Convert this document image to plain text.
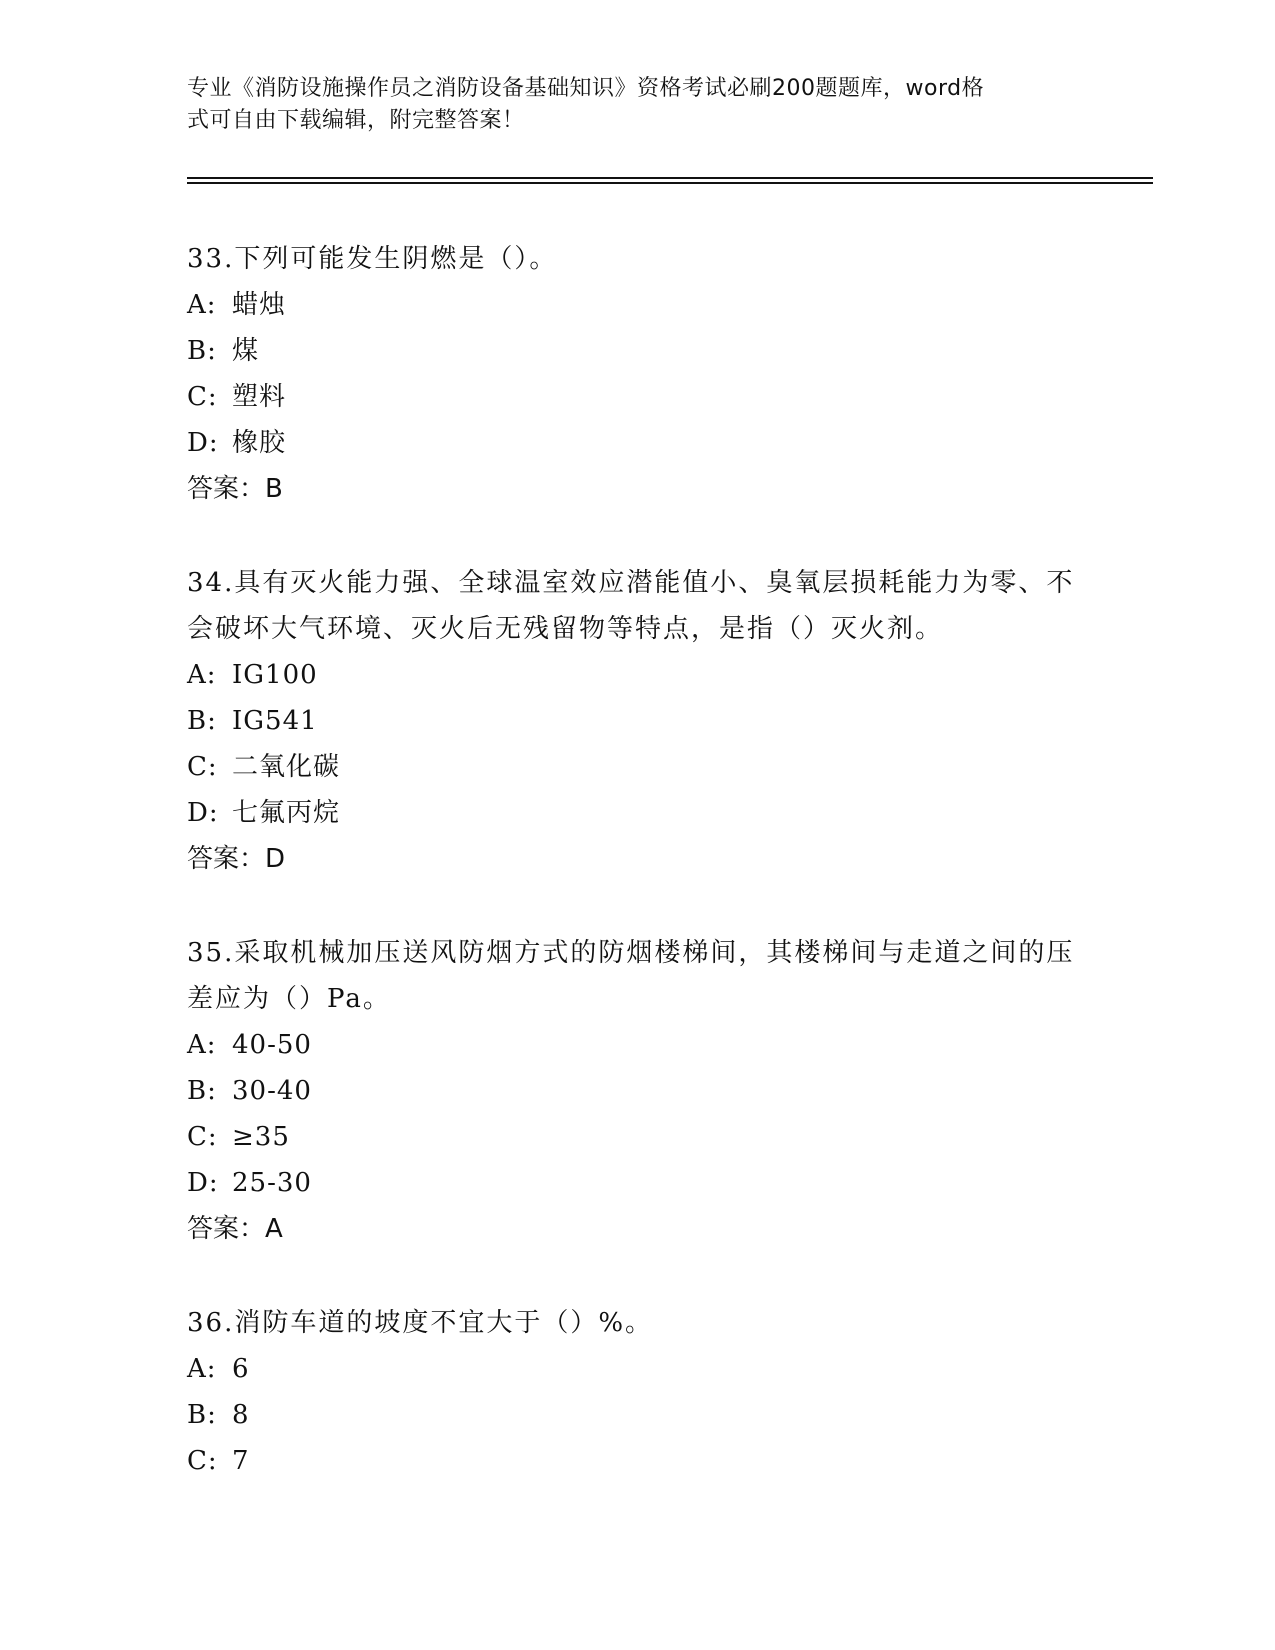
专业《消防设施操作员之消防设备基础知识》资格考试必刷200题题库，word格
式可自由下载编辑，附完整答案！

33.下列可能发生阴燃是（）。

A: 蜡烛
B: 煤
C: 塑料
D: 橡胶

答案：B

34.具有灭火能力强、全球温室效应潜能值小、臭氧层损耗能力为零、不会破坏大气环境、灭火后无残留物等特点，是指（）灭火剂。

A: IG100
B: IG541
C: 二氧化碳
D: 七氟丙烷

答案：D

35.采取机械加压送风防烟方式的防烟楼梯间，其楼梯间与走道之间的压差应为（）Pa。

A: 40-50
B: 30-40
C: ≥35
D: 25-30

答案：A

36.消防车道的坡度不宜大于（）%。

A: 6
B: 8
C: 7
